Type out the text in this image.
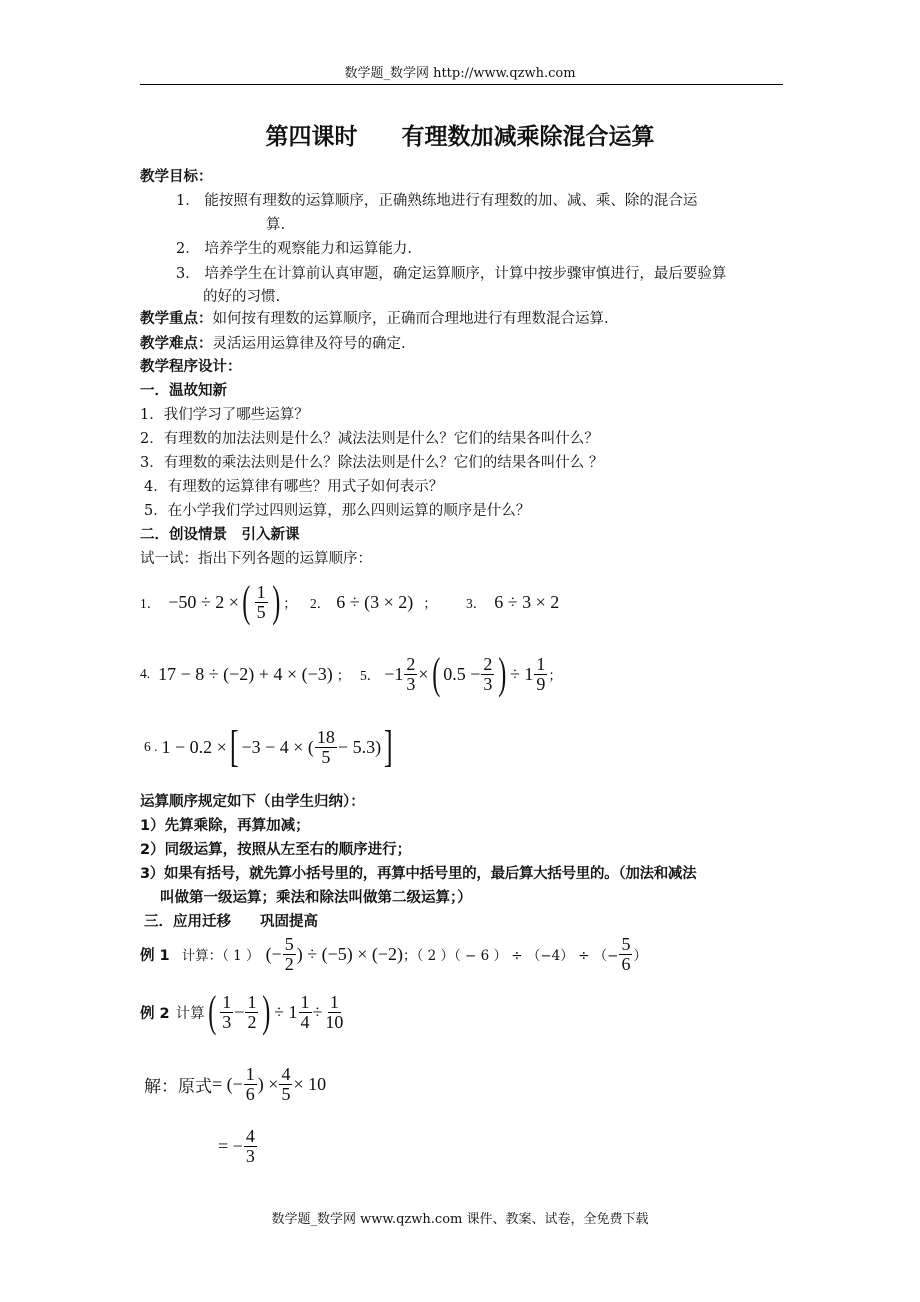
数学题_数学网 http://www.qzwh.com
第四课时 有理数加减乘除混合运算
教学目标：
1． 能按照有理数的运算顺序，正确熟练地进行有理数的加、减、乘、除的混合运
算.
2． 培养学生的观察能力和运算能力.
3． 培养学生在计算前认真审题，确定运算顺序，计算中按步骤审慎进行，最后要验算
的好的习惯.
教学重点：如何按有理数的运算顺序，正确而合理地进行有理数混合运算.
教学难点：灵活运用运算律及符号的确定.
教学程序设计：
一．温故知新
1．我们学习了哪些运算？
2．有理数的加法法则是什么？减法法则是什么？它们的结果各叫什么？
3．有理数的乘法法则是什么？除法法则是什么？它们的结果各叫什么 ？
4．有理数的运算律有哪些？用式子如何表示？
5．在小学我们学过四则运算，那么四则运算的顺序是什么？
二．创设情景　引入新课
试一试：指出下列各题的运算顺序：
1． −50 ÷ 2 × ( $\frac{1}{5}$ ) ； 2． 6 ÷ (3 × 2) ； 3． 6 ÷ 3 × 2
4. 17 − 8 ÷ (−2) + 4 × (−3) ； 5． $-1 \frac{2}{3}$ × ( $0.5 - \frac{2}{3}$ ) ÷ $1 \frac{1}{9}$ ；
6 . 1 − 0.2 × [ −3 − 4 × ( $\frac{18}{5} - 5.3$) ]
运算顺序规定如下（由学生归纳）：
1）先算乘除，再算加减；
2）同级运算，按照从左至右的顺序进行；
3）如果有括号，就先算小括号里的，再算中括号里的，最后算大括号里的。（加法和减法
叫做第一级运算；乘法和除法叫做第二级运算；）
三．应用迁移　　巩固提高
例 1 计算：（ 1 ） (− $\frac{5}{2}$ ) ÷ (−5) × (−2) ；（ 2 ）（ − 6 ） ÷ （−4） ÷ （− $\frac{5}{6}$ ）
例 2 计算 ( $\frac{1}{3} - \frac{1}{2}$ ) ÷ $1 \frac{1}{4} \div \frac{1}{10}$
解：原式 = (− $\frac{1}{6}$ ) × $\frac{4}{5} \times 10$
= − $\frac{4}{3}$
数学题_数学网 www.qzwh.com 课件、教案、试卷，全免费下载
